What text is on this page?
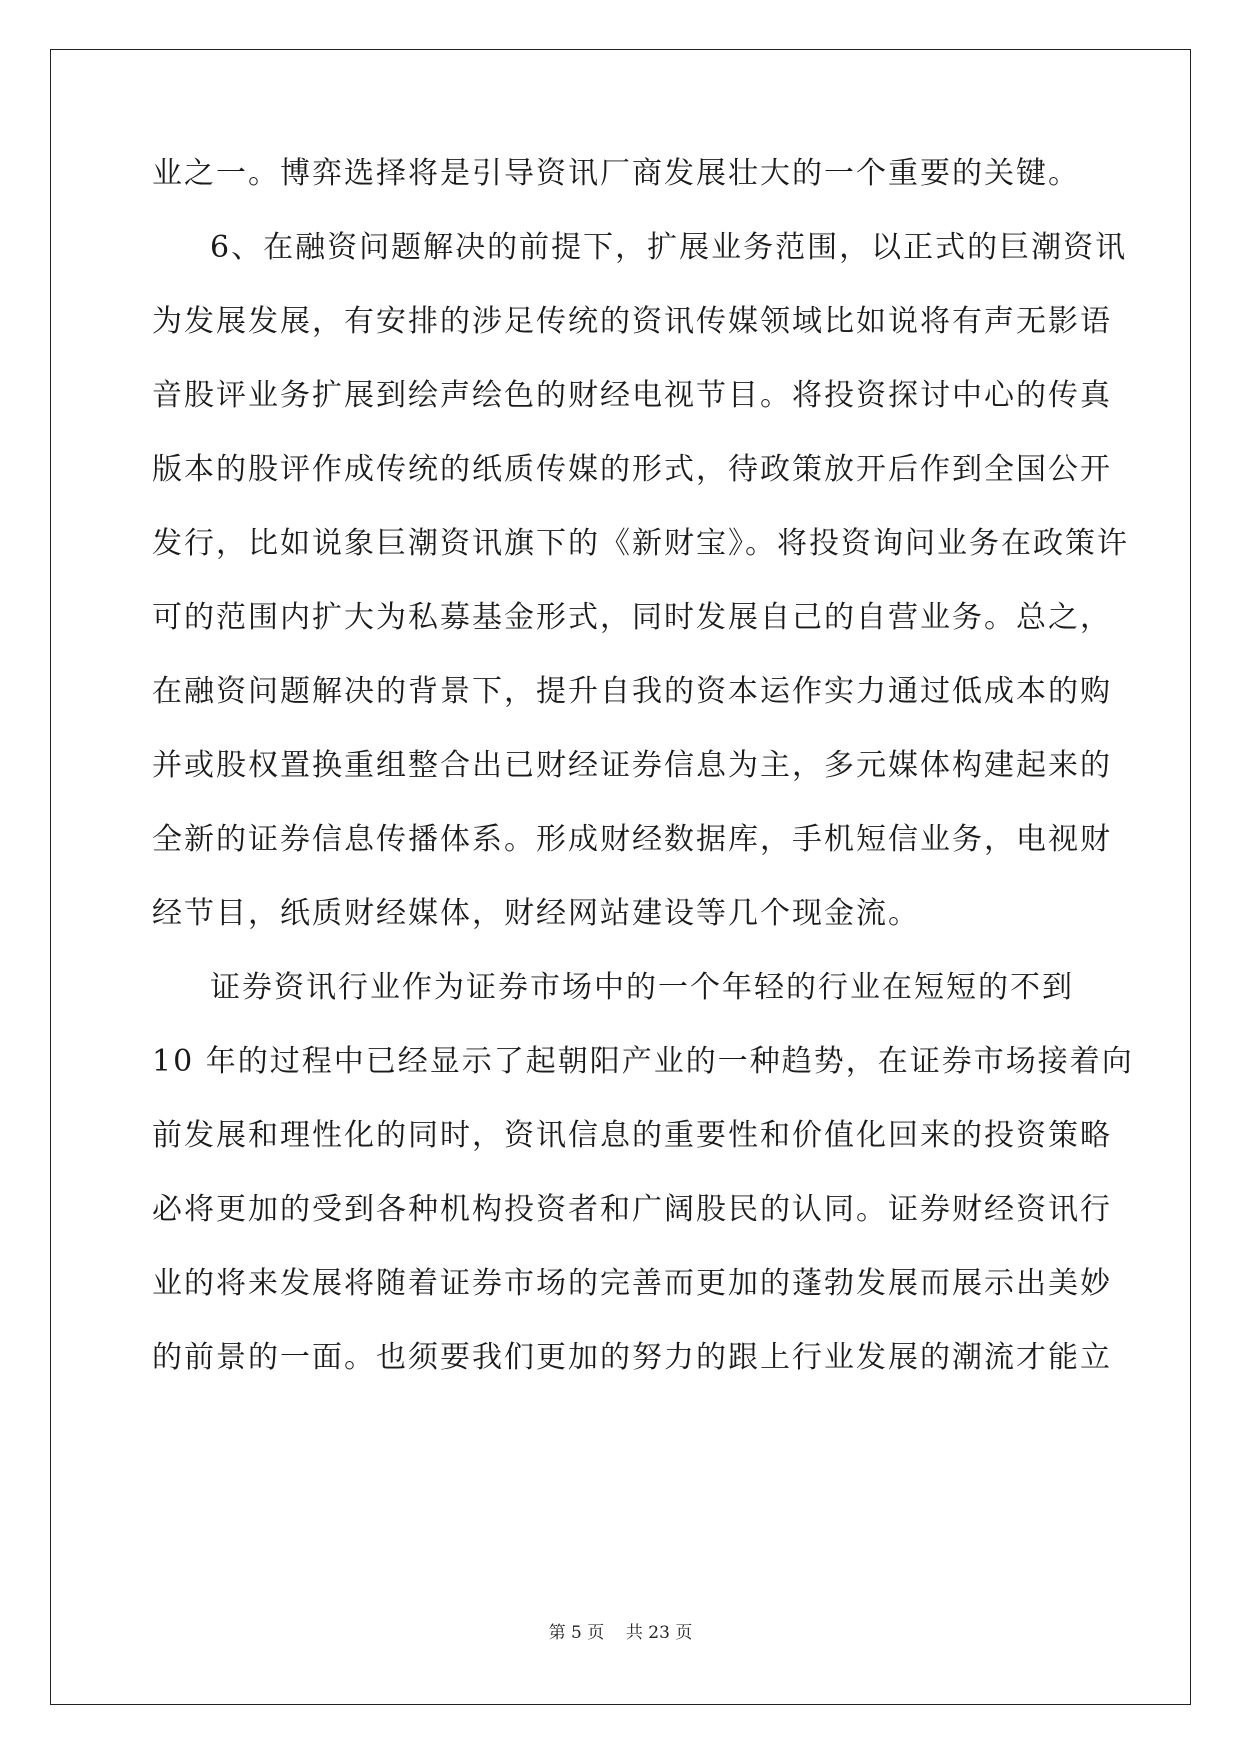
业之一。博弈选择将是引导资讯厂商发展壮大的一个重要的关键。
6、在融资问题解决的前提下，扩展业务范围，以正式的巨潮资讯
为发展发展，有安排的涉足传统的资讯传媒领域比如说将有声无影语
音股评业务扩展到绘声绘色的财经电视节目。将投资探讨中心的传真
版本的股评作成传统的纸质传媒的形式，待政策放开后作到全国公开
发行，比如说象巨潮资讯旗下的《新财宝》。将投资询问业务在政策许
可的范围内扩大为私募基金形式，同时发展自己的自营业务。总之，
在融资问题解决的背景下，提升自我的资本运作实力通过低成本的购
并或股权置换重组整合出已财经证券信息为主，多元媒体构建起来的
全新的证券信息传播体系。形成财经数据库，手机短信业务，电视财
经节目，纸质财经媒体，财经网站建设等几个现金流。
证券资讯行业作为证券市场中的一个年轻的行业在短短的不到
10 年的过程中已经显示了起朝阳产业的一种趋势，在证券市场接着向
前发展和理性化的同时，资讯信息的重要性和价值化回来的投资策略
必将更加的受到各种机构投资者和广阔股民的认同。证券财经资讯行
业的将来发展将随着证券市场的完善而更加的蓬勃发展而展示出美妙
的前景的一面。也须要我们更加的努力的跟上行业发展的潮流才能立
第 5 页 共 23 页
